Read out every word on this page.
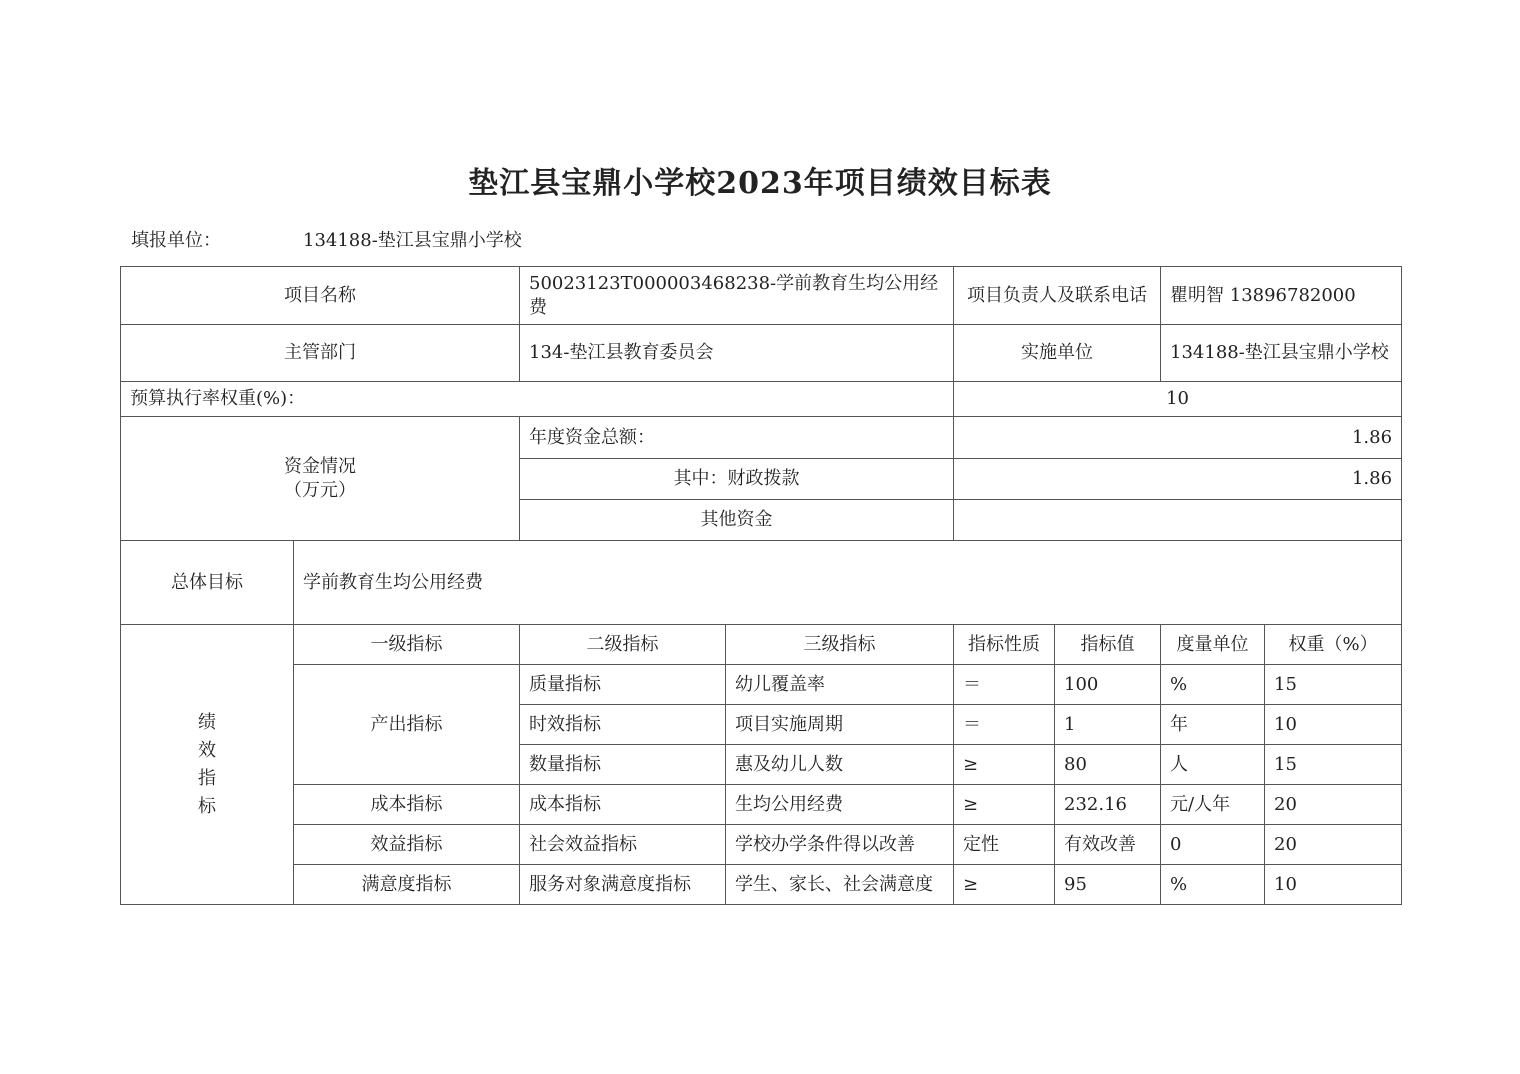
垫江县宝鼎小学校2023年项目绩效目标表
填报单位：	134188-垫江县宝鼎小学校
项目名称		50023123T000003468238-学前教育生均公用经费		项目负责人及联系电话		瞿明智 13896782000	
主管部门		134-垫江县教育委员会		实施单位		134188-垫江县宝鼎小学校	
预算执行率权重(%)：				10			

资金情况
（万元）		年度资金总额：		1.86			
		其中：财政拨款		1.86			
		其他资金					
总体目标	学前教育生均公用经费						

绩
效
指
标	一级指标	二级指标	三级指标	指标性质	指标值	度量单位	权重（%）
	产出指标	质量指标	幼儿覆盖率	＝	100	%	15
		时效指标	项目实施周期	＝	1	年	10
		数量指标	惠及幼儿人数	≥	80	人	15
	成本指标	成本指标	生均公用经费	≥	232.16	元/人年	20
	效益指标	社会效益指标	学校办学条件得以改善	定性	有效改善	0	20
	满意度指标	服务对象满意度指标	学生、家长、社会满意度	≥	95	%	10
